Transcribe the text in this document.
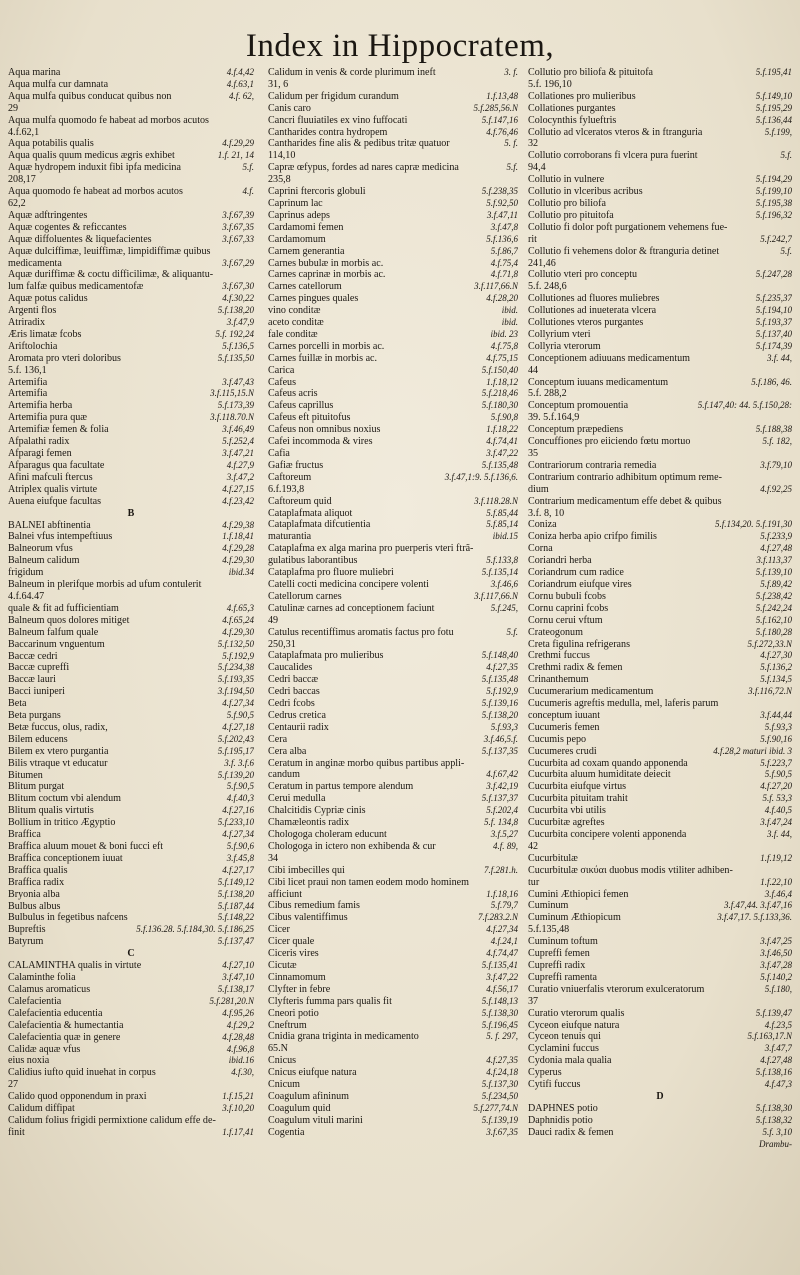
Index in Hippocratem,
Aqua marina	4.f.4,42
Aqua mulfa cur damnata	4.f.63,1
Aqua mulfa quibus conducat quibus non	4.f. 62,
29
Aqua mulfa quomodo fe habeat ad morbos acutos
4.f.62,1
Aqua potabilis qualis	4.f.29,29
Aqua qualis quum medicus ægris exhibet	1.f. 21, 14
Aquæ hydropem induxit fibi ipfa medicina	5.f.
208,17
Aqua quomodo fe habeat ad morbos acutos	4.f.
62,2
Aquæ adftringentes	3.f.67,39
Aquæ cogentes & reficcantes	3.f.67,35
Aquæ diffoluentes & liquefacientes	3.f.67,33
Aquæ dulciffimæ, leuiffimæ, limpidiffimæ quibus
medicamenta	3.f.67,29
Aquæ duriffimæ & coctu difficilimæ, & aliquantu-
lum falfæ quibus medicamentofæ	3.f.67,30
Aquæ potus calidus	4.f.30,22
Argenti flos	5.f.138,20
Atriradix	3.f.47,9
Æris limatæ fcobs	5.f. 192,24
Ariftolochia	5.f.136,5
Aromata pro vteri doloribus	5.f.135,50
5.f. 136,1
Artemifia	3.f.47,43
Artemifia	3.f.115,15.N
Artemifia herba	5.f.173,39
Artemifia pura quæ	3.f.118.70.N
Artemifiæ femen & folia	3.f.46,49
Afpalathi radix	5.f.252,4
Afparagi femen	3.f.47,21
Afparagus qua facultate	4.f.27,9
Afini mafculi ftercus	3.f.47,2
Atriplex qualis virtute	4.f.27,15
Auena eiufque facultas	4.f.23,42
B
BALNEI abftinentia	4.f.29,38
Balnei vfus intempeftiuus	1.f.18,41
Balneorum vfus	4.f.29,28
Balneum calidum	4.f.29,30
frigidum	ibid.34
Balneum in plerifque morbis ad ufum contulerit
4.f.64.47
quale & fit ad fufficientiam	4.f.65,3
Balneum quos dolores mitiget	4.f.65,24
Balneum falfum quale	4.f.29,30
Baccarinum vnguentum	5.f.132,50
Baccæ cedri	5.f.192,9
Baccæ cupreffi	5.f.234,38
Baccæ lauri	5.f.193,35
Bacci iuniperi	3.f.194,50
Beta	4.f.27,34
Beta purgans	5.f.90,5
Betæ fuccus, olus, radix,	4.f.27,18
Bilem educens	5.f.202,43
Bilem ex vtero purgantia	5.f.195,17
Bilis vtraque vt educatur	3.f. 3.f.6
Bitumen	5.f.139,20
Blitum purgat	5.f.90,5
Blitum coctum vbi alendum	4.f.40,3
Blitum qualis virtutis	4.f.27,16
Bollium in tritico Ægyptio	5.f.233,10
Braffica	4.f.27,34
Braffica aluum mouet & boni fucci eft	5.f.90,6
Braffica conceptionem iuuat	3.f.45,8
Braffica qualis	4.f.27,17
Braffica radix	5.f.149,12
Bryonia alba	5.f.138,20
Bulbus albus	5.f.187,44
Bulbulus in fegetibus nafcens	5.f.148,22
Bupreftis	5.f.136.28. 5.f.184,30. 5.f.186,25
Batyrum	5.f.137,47
C
CALAMINTHA qualis in virtute	4.f.27,10
Calaminthe folia	3.f.47,10
Calamus aromaticus	5.f.138,17
Calefacientia	5.f.281,20.N
Calefacientia educentia	4.f.95,26
Calefacientia & humectantia	4.f.29,2
Calefacientia quæ in genere	4.f.28,48
Calidæ aquæ vfus	4.f.96,8
eius noxia	ibid.16
Calidius iufto quid inuehat in corpus	4.f.30,
27
Calido quod opponendum in praxi	1.f.15,21
Calidum diffipat	3.f.10,20
Calidum folius frigidi permixtione calidum effe de-
finit	1.f.17,41
Calidum in venis & corde plurimum ineft	3. f.
31, 6
Calidum per frigidum curandum	1.f.13,48
Canis caro	5.f.285,56.N
Cancri fluuiatiles ex vino fuffocati	5.f.147,16
Cantharides contra hydropem	4.f.76,46
Cantharides fine alis & pedibus tritæ quatuor	5. f.
114,10
Capræ œfypus, fordes ad nares capræ medicina	5.f.
235,8
Caprini ftercoris globuli	5.f.238,35
Caprinum lac	5.f.92,50
Caprinus adeps	3.f.47,11
Cardamomi femen	3.f.47,8
Cardamomum	5.f.136,6
Carnem generantia	5.f.86,7
Carnes bubulæ in morbis ac.	4.f.75,4
Carnes caprinæ in morbis ac.	4.f.71,8
Carnes catellorum	3.f.117,66.N
Carnes pingues quales	4.f.28,20
vino conditæ	ibid.
aceto conditæ	ibid.
fale conditæ	ibid. 23
Carnes porcelli in morbis ac.	4.f.75,8
Carnes fuillæ in morbis ac.	4.f.75,15
Carica	5.f.150,40
Cafeus	1.f.18,12
Cafeus acris	5.f.218,46
Cafeus caprillus	5.f.180,30
Cafeus eft pituitofus	5.f.90,8
Cafeus non omnibus noxius	1.f.18,22
Cafei incommoda & vires	4.f.74,41
Cafia	3.f.47,22
Gafiæ fructus	5.f.135,48
Caftoreum	3.f.47,1:9. 5.f.136,6.
6.f.193,8
Caftoreum quid	3.f.118.28.N
Cataplafmata aliquot	5.f.85,44
Cataplafmata difcutientia	5.f.85,14
maturantia	ibid.15
Cataplafma ex alga marina pro puerperis vteri ftrã-
gulatibus laborantibus	5.f.133,8
Cataplafma pro fluore muliebri	5.f.135,14
Catelli cocti medicina concipere volenti	3.f.46,6
Catellorum carnes	3.f.117,66.N
Catulinæ carnes ad conceptionem faciunt	5.f.245,
49
Catulus recentiffimus aromatis factus pro fotu	5.f.
250,31
Cataplafmata pro mulieribus	5.f.148,40
Caucalides	4.f.27,35
Cedri baccæ	5.f.135,48
Cedri baccas	5.f.192,9
Cedri fcobs	5.f.139,16
Cedrus cretica	5.f.138,20
Centaurii radix	5.f.93,3
Cera	3.f.46,5.f.
Cera alba	5.f.137,35
Ceratum in anginæ morbo quibus partibus appli-
candum	4.f.67,42
Ceratum in partus tempore alendum	3.f.42,19
Cerui medulla	5.f.137,37
Chalcitidis Cypriæ cinis	5.f.202,4
Chamæleontis radix	5.f. 134,8
Chologoga choleram educunt	3.f.5,27
Chologoga in ictero non exhibenda & cur	4.f. 89,
34
Cibi imbecilles qui	7.f.281.h.
Cibi licet praui non tamen eodem modo hominem
afficiunt	1.f.18,16
Cibus remedium famis	5.f.79,7
Cibus valentiffimus	7.f.283.2.N
Cicer	4.f.27,34
Cicer quale	4.f.24,1
Ciceris vires	4.f.74,47
Cicutæ	5.f.135,41
Cinnamomum	3.f.47,22
Clyfter in febre	4.f.56,17
Clyfteris fumma pars qualis fit	5.f.148,13
Cneori potio	5.f.138,30
Cneftrum	5.f.196,45
Cnidia grana triginta in medicamento	5. f. 297,
65.N
Cnicus	4.f.27,35
Cnicus eiufque natura	4.f.24,18
Cnicum	5.f.137,30
Coagulum afininum	5.f.234,50
Coagulum quid	5.f.277,74.N
Coagulum vituli marini	5.f.139,19
Cogentia	3.f.67,35
Collutio pro biliofa & pituitofa	5.f.195,41
5.f. 196,10
Collationes pro mulieribus	5.f.149,10
Collationes purgantes	5.f.195,29
Colocynthis fylueftris	5.f.136,44
Collutio ad vlceratos vteros & in ftranguria	5.f.199,
32
Collutio corroborans fi vlcera pura fuerint	5.f.
94,4
Collutio in vulnere	5.f.194,29
Collutio in vlceribus acribus	5.f.199,10
Collutio pro biliofa	5.f.195,38
Collutio pro pituitofa	5.f.196,32
Collutio fi dolor poft purgationem vehemens fue-
rit	5.f.242,7
Collutio fi vehemens dolor & ftranguria detinet	5.f.
241,46
Collutio vteri pro conceptu	5.f.247,28
5.f. 248,6
Collutiones ad fluores muliebres	5.f.235,37
Collutiones ad inueterata vlcera	5.f.194,10
Collutiones vteros purgantes	5.f.193,37
Collyrium vteri	5.f.137,40
Collyria vterorum	5.f.174,39
Conceptionem adiuuans medicamentum	3.f. 44,
44
Conceptum iuuans medicamentum	5.f.186, 46.
5.f. 288,2
Conceptum promouentia	5.f.147,40: 44. 5.f.150,28:
39. 5.f.164,9
Conceptum præpediens	5.f.188,38
Concuffiones pro eiiciendo fœtu mortuo	5.f. 182,
35
Contrariorum contraria remedia	3.f.79,10
Contrarium contrario adhibitum optimum reme-
dium	4.f.92,25
Contrarium medicamentum effe debet & quibus
3.f. 8, 10
Coniza	5.f.134,20. 5.f.191,30
Coniza herba apio crifpo fimilis	5.f.233,9
Corna	4.f.27,48
Coriandri herba	3.f.113,37
Coriandrum cum radice	5.f.139,10
Coriandrum eiufque vires	5.f.89,42
Cornu bubuli fcobs	5.f.238,42
Cornu caprini fcobs	5.f.242,24
Cornu cerui vftum	5.f.162,10
Crateogonum	5.f.180,28
Creta figulina refrigerans	5.f.272,33.N
Crethmi fuccus	4.f.27,30
Crethmi radix & femen	5.f.136,2
Crinanthemum	5.f.134,5
Cucumerarium medicamentum	3.f.116,72.N
Cucumeris agreftis medulla, mel, laferis parum
conceptum iuuant	3.f.44,44
Cucumeris femen	5.f.93,3
Cucumis pepo	5.f.90,16
Cucumeres crudi	4.f.28,2 maturi ibid. 3
Cucurbita ad coxam quando apponenda	5.f.223,7
Cucurbita aluum humiditate deiecit	5.f.90,5
Cucurbita eiufque virtus	4.f.27,20
Cucurbita pituitam trahit	5.f. 53,3
Cucurbita vbi utilis	4.f.40,5
Cucurbitæ agreftes	3.f.47,24
Cucurbita concipere volenti apponenda	3.f. 44,
42
Cucurbitulæ	1.f.19,12
Cucurbitulæ σικύαι duobus modis vtiliter adhiben-
tur	1.f.22,10
Cumini Æthiopici femen	3.f.46,4
Cuminum	3.f.47,44. 3.f.47,16
Cuminum Æthiopicum	3.f.47,17. 5.f.133,36.
5.f.135,48
Cuminum toftum	3.f.47,25
Cupreffi femen	3.f.46,50
Cupreffi radix	3.f.47,28
Cupreffi ramenta	5.f.140,2
Curatio vniuerfalis vterorum exulceratorum	5.f.180,
37
Curatio vterorum qualis	5.f.139,47
Cyceon eiufque natura	4.f.23,5
Cyceon tenuis qui	5.f.163,17.N
Cyclamini fuccus	3.f.47,7
Cydonia mala qualia	4.f.27,48
Cyperus	5.f.138,16
Cytifi fuccus	4.f.47,3
D
DAPHNES potio	5.f.138,30
Daphnidis potio	5.f.138,32
Dauci radix & femen	5.f. 3,10
Drambu-
